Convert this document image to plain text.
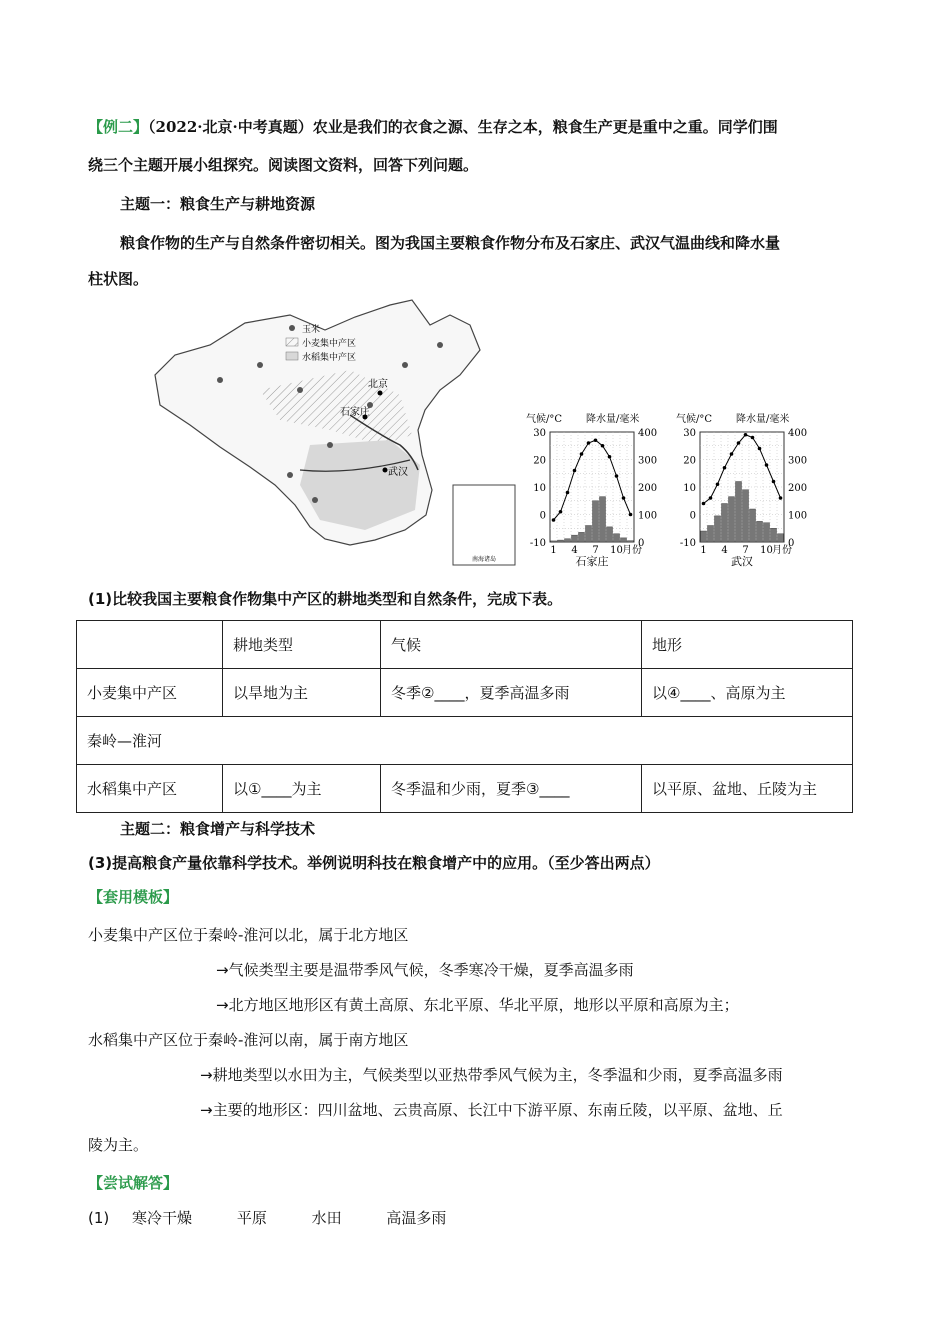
【例二】（2022·北京·中考真题）农业是我们的衣食之源、生存之本，粮食生产更是重中之重。同学们围

绕三个主题开展小组探究。阅读图文资料，回答下列问题。

主题一：粮食生产与耕地资源

粮食作物的生产与自然条件密切相关。图为我国主要粮食作物分布及石家庄、武汉气温曲线和降水量

柱状图。

北京
石家庄
武汉
玉米
小麦集中产区
水稻集中产区
南海诸岛
气候/°C 降水量/毫米
30
20
10
0
-10
400
300
200
100
0
1 4 7 10 月份
石家庄
气候/°C 降水量/毫米
30
20
10
0
-10
400
300
200
100
0
1 4 7 10 月份
武汉
(1)比较我国主要粮食作物集中产区的耕地类型和自然条件，完成下表。
	耕地类型	气候	地形
小麦集中产区	以旱地为主	冬季②____，夏季高温多雨	以④____、高原为主
秦岭—淮河			
水稻集中产区	以①____为主	冬季温和少雨，夏季③____	以平原、盆地、丘陵为主
主题二：粮食增产与科学技术
(3)提高粮食产量依靠科学技术。举例说明科技在粮食增产中的应用。（至少答出两点）
【套用模板】

小麦集中产区位于秦岭-淮河以北，属于北方地区

→气候类型主要是温带季风气候，冬季寒冷干燥，夏季高温多雨

→北方地区地形区有黄土高原、东北平原、华北平原，地形以平原和高原为主；

水稻集中产区位于秦岭-淮河以南，属于南方地区

→耕地类型以水田为主，气候类型以亚热带季风气候为主，冬季温和少雨，夏季高温多雨

→主要的地形区：四川盆地、云贵高原、长江中下游平原、东南丘陵，以平原、盆地、丘

陵为主。

【尝试解答】
(1) 寒冷干燥	平原	水田	高温多雨
